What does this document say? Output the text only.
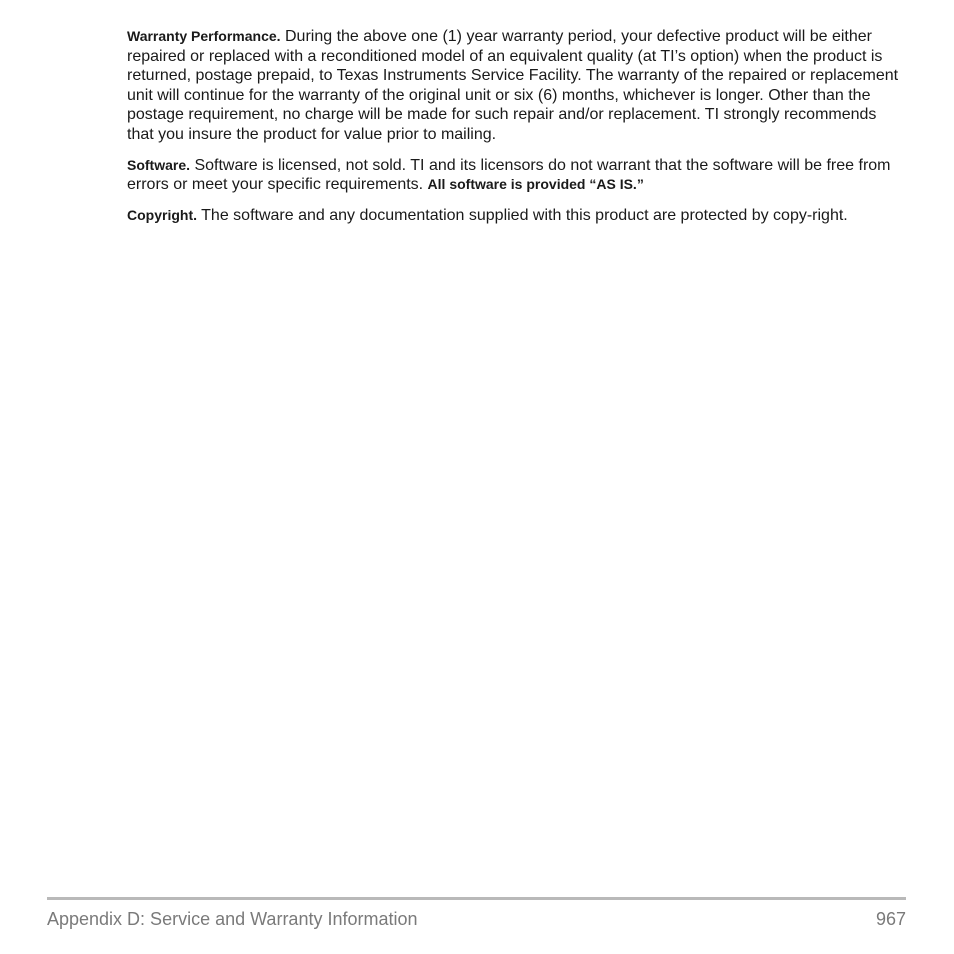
Warranty Performance. During the above one (1) year warranty period, your defective product will be either repaired or replaced with a reconditioned model of an equivalent quality (at TI’s option) when the product is returned, postage prepaid, to Texas Instruments Service Facility. The warranty of the repaired or replacement unit will continue for the warranty of the original unit or six (6) months, whichever is longer. Other than the postage requirement, no charge will be made for such repair and/or replacement. TI strongly recommends that you insure the product for value prior to mailing.

Software. Software is licensed, not sold. TI and its licensors do not warrant that the software will be free from errors or meet your specific requirements. All software is provided “AS IS.”

Copyright. The software and any documentation supplied with this product are protected by copy-right.

Appendix D: Service and Warranty Information	967
